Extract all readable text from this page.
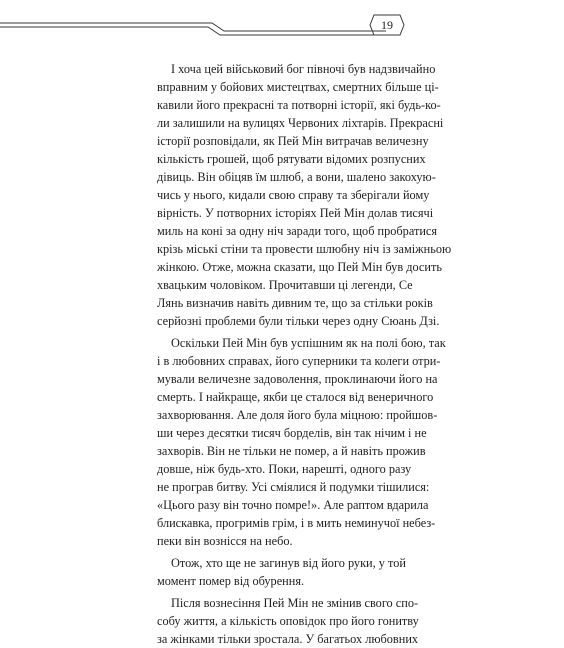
19
І хоча цей військовий бог півночі був надзвичайно
вправним у бойових мистецтвах, смертних більше ці-
кавили його прекрасні та потворні історії, які будь-ко-
ли залишили на вулицях Червоних ліхтарів. Прекрасні
історії розповідали, як Пей Мін витрачав величезну
кількість грошей, щоб рятувати відомих розпусних
дівиць. Він обіцяв їм шлюб, а вони, шалено закохую-
чись у нього, кидали свою справу та зберігали йому
вірність. У потворних історіях Пей Мін долав тисячі
миль на коні за одну ніч заради того, щоб пробратися
крізь міські стіни та провести шлюбну ніч із заміжньою
жінкою. Отже, можна сказати, що Пей Мін був досить
хвацьким чоловіком. Прочитавши ці легенди, Се
Лянь визначив навіть дивним те, що за стільки років
серйозні проблеми були тільки через одну Сюань Дзі.
Оскільки Пей Мін був успішним як на полі бою, так
і в любовних справах, його суперники та колеги отри-
мували величезне задоволення, проклинаючи його на
смерть. І найкраще, якби це сталося від венеричного
захворювання. Але доля його була міцною: пройшов-
ши через десятки тисяч борделів, він так нічим і не
захворів. Він не тільки не помер, а й навіть прожив
довше, ніж будь-хто. Поки, нарешті, одного разу
не програв битву. Усі сміялися й подумки тішилися:
«Цього разу він точно помре!». Але раптом вдарила
блискавка, прогримів грім, і в мить неминучої небез-
пеки він вознісся на небо.
Отож, хто ще не загинув від його руки, у той
момент помер від обурення.
Після вознесіння Пей Мін не змінив свого спо-
собу життя, а кількість оповідок про його гонитву
за жінками тільки зростала. У багатьох любовних
